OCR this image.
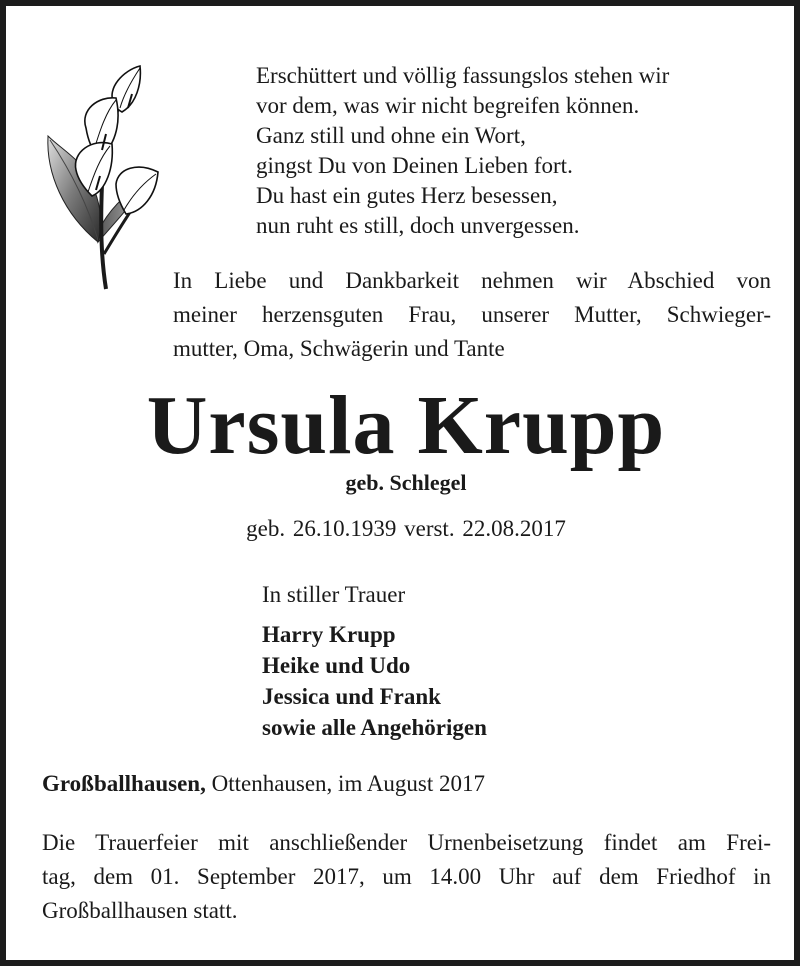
Erschüttert und völlig fassungslos stehen wir
vor dem, was wir nicht begreifen können.
Ganz still und ohne ein Wort,
gingst Du von Deinen Lieben fort.
Du hast ein gutes Herz besessen,
nun ruht es still, doch unvergessen.
In Liebe und Dankbarkeit nehmen wir Abschied von
meiner herzensguten Frau, unserer Mutter, Schwieger-
mutter, Oma, Schwägerin und Tante
Ursula Krupp
geb. Schlegel
geb. 26.10.1939 verst. 22.08.2017
In stiller Trauer
Harry Krupp
Heike und Udo
Jessica und Frank
sowie alle Angehörigen
Großballhausen, Ottenhausen, im August 2017
Die Trauerfeier mit anschließender Urnenbeisetzung findet am Frei-
tag, dem 01. September 2017, um 14.00 Uhr auf dem Friedhof in
Großballhausen statt.
